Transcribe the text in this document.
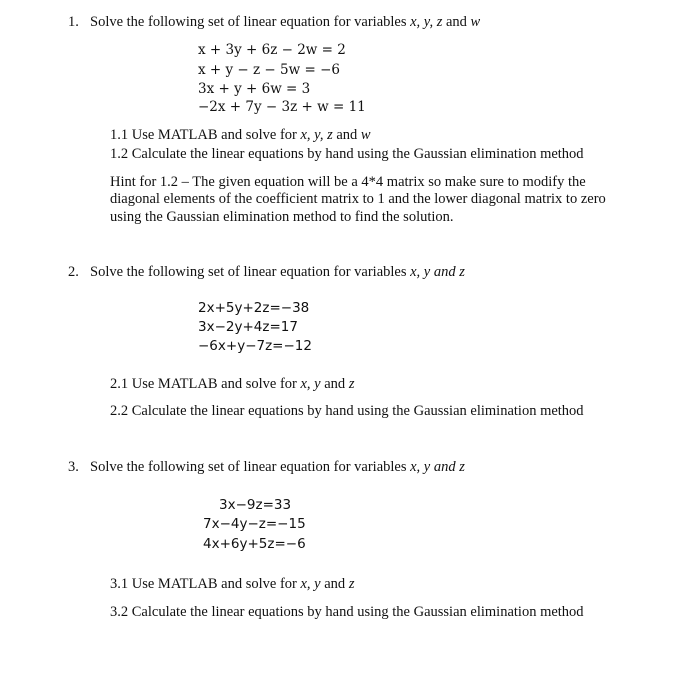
1. Solve the following set of linear equation for variables x, y, z and w
x + 3y + 6z − 2w = 2
x + y − z − 5w = −6
3x + y + 6w = 3
−2x + 7y − 3z + w = 11
1.1 Use MATLAB and solve for x, y, z and w
1.2 Calculate the linear equations by hand using the Gaussian elimination method
Hint for 1.2 – The given equation will be a 4*4 matrix so make sure to modify the
diagonal elements of the coefficient matrix to 1 and the lower diagonal matrix to zero
using the Gaussian elimination method to find the solution.
2. Solve the following set of linear equation for variables x, y and z
2x+5y+2z=−38
3x−2y+4z=17
−6x+y−7z=−12
2.1 Use MATLAB and solve for x, y and z
2.2 Calculate the linear equations by hand using the Gaussian elimination method
3. Solve the following set of linear equation for variables x, y and z
3x−9z=33
7x−4y−z=−15
4x+6y+5z=−6
3.1 Use MATLAB and solve for x, y and z
3.2 Calculate the linear equations by hand using the Gaussian elimination method
